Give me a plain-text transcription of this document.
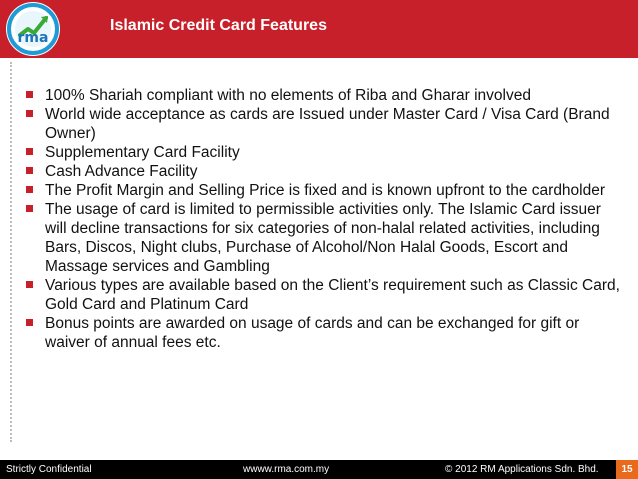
rma
Islamic Credit Card Features
100% Shariah compliant with no elements of Riba and Gharar involved
World wide acceptance as cards are Issued under Master Card / Visa Card (Brand Owner)
Supplementary Card Facility
Cash Advance Facility
The Profit Margin and Selling Price is fixed and is known upfront to the cardholder
The usage of card is limited to permissible activities only. The Islamic Card issuer will decline transactions for six categories of non-halal related activities, including Bars, Discos, Night clubs, Purchase of Alcohol/Non Halal Goods, Escort and Massage services and Gambling
Various types are available based on the Client’s requirement such as Classic Card, Gold Card and Platinum Card
Bonus points are awarded on usage of cards and can be exchanged for gift or waiver of annual fees etc.
Strictly Confidential	wwww.rma.com.my	© 2012 RM Applications Sdn. Bhd.	15
